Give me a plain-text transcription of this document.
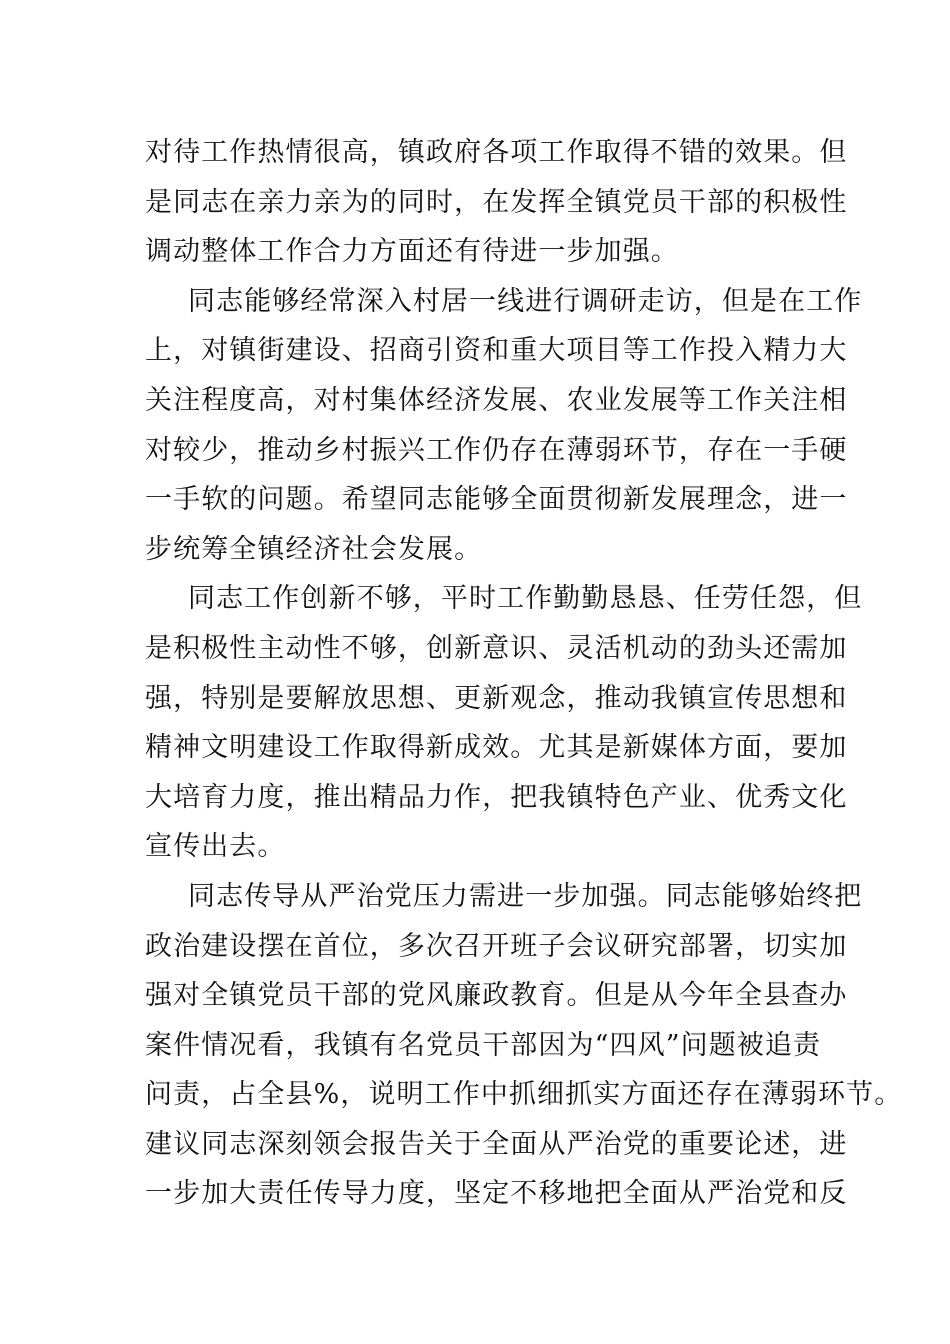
对待工作热情很高，镇政府各项工作取得不错的效果。但
是同志在亲力亲为的同时，在发挥全镇党员干部的积极性
调动整体工作合力方面还有待进一步加强。
同志能够经常深入村居一线进行调研走访，但是在工作
上，对镇街建设、招商引资和重大项目等工作投入精力大
关注程度高，对村集体经济发展、农业发展等工作关注相
对较少，推动乡村振兴工作仍存在薄弱环节，存在一手硬
一手软的问题。希望同志能够全面贯彻新发展理念，进一
步统筹全镇经济社会发展。
同志工作创新不够，平时工作勤勤恳恳、任劳任怨，但
是积极性主动性不够，创新意识、灵活机动的劲头还需加
强，特别是要解放思想、更新观念，推动我镇宣传思想和
精神文明建设工作取得新成效。尤其是新媒体方面，要加
大培育力度，推出精品力作，把我镇特色产业、优秀文化
宣传出去。
同志传导从严治党压力需进一步加强。同志能够始终把
政治建设摆在首位，多次召开班子会议研究部署，切实加
强对全镇党员干部的党风廉政教育。但是从今年全县查办
案件情况看，我镇有名党员干部因为“四风”问题被追责
问责，占全县%，说明工作中抓细抓实方面还存在薄弱环节。
建议同志深刻领会报告关于全面从严治党的重要论述，进
一步加大责任传导力度，坚定不移地把全面从严治党和反
